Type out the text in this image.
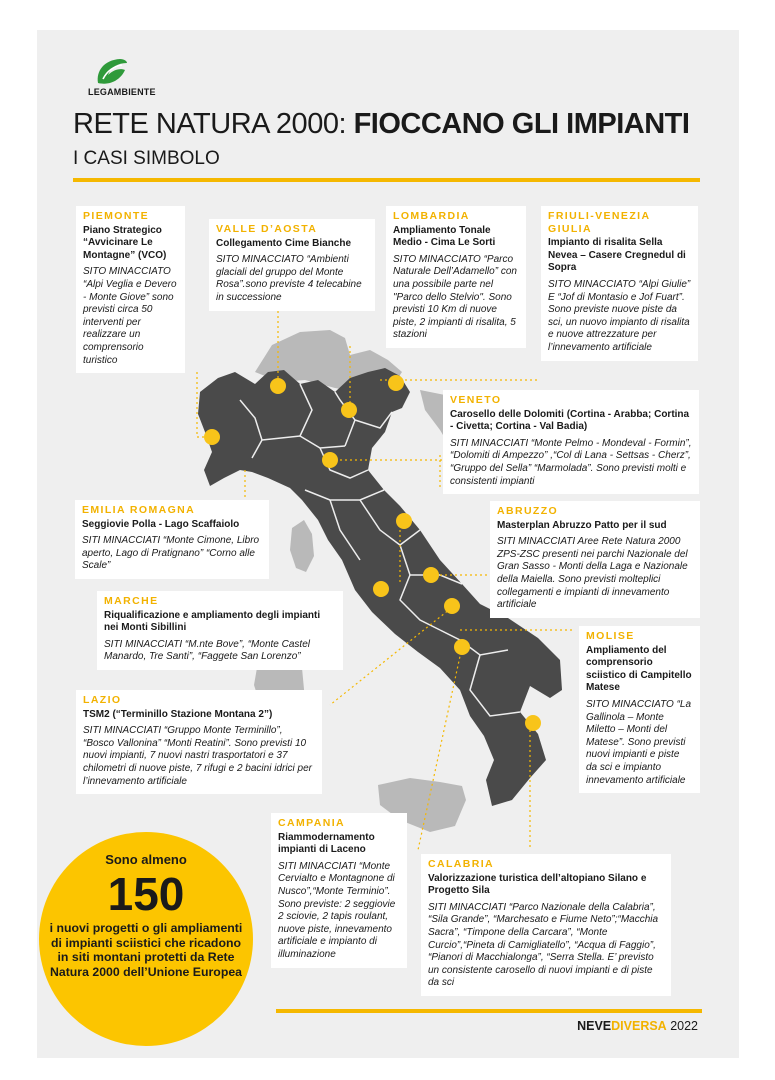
LEGAMBIENTE
RETE NATURA 2000: FIOCCANO GLI IMPIANTI
I CASI SIMBOLO
PIEMONTE
Piano Strategico “Avvicinare Le Montagne” (VCO)
SITO MINACCIATO “Alpi Veglia e Devero - Monte Giove” sono previsti circa 50 interventi per realizzare un comprensorio turistico
VALLE D’AOSTA
Collegamento Cime Bianche
SITO MINACCIATO “Ambienti glaciali del gruppo del Monte Rosa”.sono previste 4 telecabine in successione
LOMBARDIA
Ampliamento Tonale Medio - Cima Le Sorti
SITO MINACCIATO “Parco Naturale Dell’Adamello” con una possibile parte nel "Parco dello Stelvio". Sono previsti 10 Km di nuove piste, 2 impianti di risalita, 5 stazioni
FRIULI-VENEZIA GIULIA
Impianto di risalita Sella Nevea – Casere Cregnedul di Sopra
SITO MINACCIATO “Alpi Giulie” E “Jof di Montasio e Jof Fuart”. Sono previste nuove piste da sci, un nuovo impianto di risalita e nuove attrezzature per l’innevamento artificiale
VENETO
Carosello delle Dolomiti (Cortina - Arabba; Cortina - Civetta; Cortina - Val Badia)
SITI MINACCIATI “Monte Pelmo - Mondeval - Formin”, “Dolomiti di Ampezzo” ,“Col di Lana - Settsas - Cherz”, “Gruppo del Sella” “Marmolada”. Sono previsti molti e consistenti impianti
EMILIA ROMAGNA
Seggiovie Polla - Lago Scaffaiolo
SITI MINACCIATI “Monte Cimone, Libro aperto, Lago di Pratignano” “Corno alle Scale”
ABRUZZO
Masterplan Abruzzo Patto per il sud
SITI MINACCIATI Aree Rete Natura 2000 ZPS-ZSC presenti nei parchi Nazionale del Gran Sasso - Monti della Laga e Nazionale della Maiella. Sono previsti molteplici collegamenti e impianti di innevamento artificiale
MARCHE
Riqualificazione e ampliamento degli impianti nei Monti Sibillini
SITI MINACCIATI “M.nte Bove”, “Monte Castel Manardo, Tre Santi”, “Faggete San Lorenzo”
MOLISE
Ampliamento del comprensorio sciistico di Campitello Matese
SITO MINACCIATO “La Gallinola – Monte Miletto – Monti del Matese”. Sono previsti nuovi impianti e piste da sci e impianto innevamento artificiale
LAZIO
TSM2 (“Terminillo Stazione Montana 2”)
SITI MINACCIATI “Gruppo Monte Terminillo”, “Bosco Vallonina” “Monti Reatini”. Sono previsti 10 nuovi impianti, 7 nuovi nastri trasportatori e 37 chilometri di nuove piste, 7 rifugi e 2 bacini idrici per l’innevamento artificiale
CAMPANIA
Riammodernamento impianti di Laceno
SITI MINACCIATI “Monte Cervialto e Montagnone di Nusco”,“Monte Terminio”. Sono previste: 2 seggiovie 2 sciovie, 2 tapis roulant, nuove piste, innevamento artificiale e impianto di illuminazione
CALABRIA
Valorizzazione turistica dell’altopiano Silano e Progetto Sila
SITI MINACCIATI “Parco Nazionale della Calabria”, “Sila Grande”, “Marchesato e Fiume Neto”;“Macchia Sacra”, “Timpone della Carcara”, “Monte Curcio”,“Pineta di Camigliatello”, “Acqua di Faggio”, “Pianori di Macchialonga”, “Serra Stella. E’ previsto un consistente carosello di nuovi impianti e di piste da sci
Sono almeno
150
i nuovi progetti o gli ampliamenti di impianti sciistici che ricadono in siti montani protetti da Rete Natura 2000 dell’Unione Europea
NEVEDIVERSA 2022
